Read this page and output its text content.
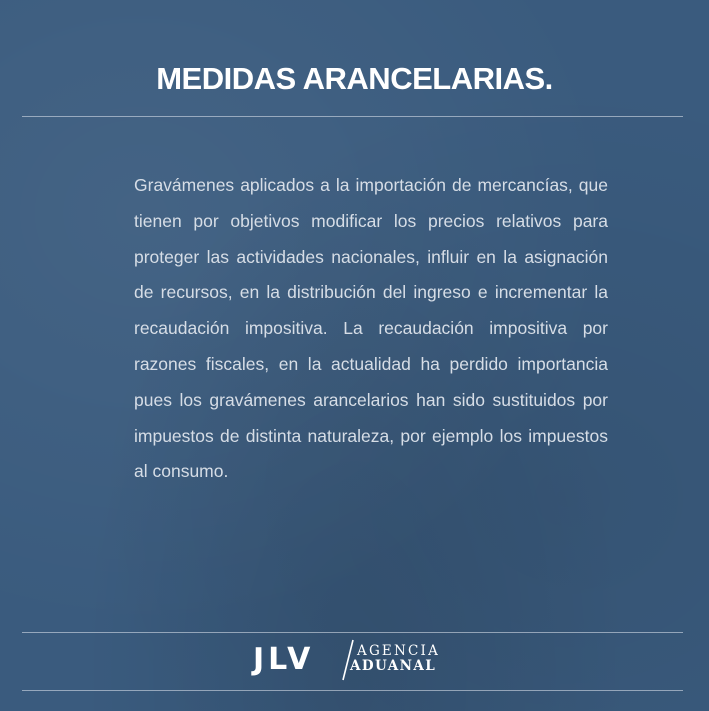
MEDIDAS ARANCELARIAS.

Gravámenes aplicados a la importación de mercancías, que tienen por objetivos modificar los precios relativos para proteger las actividades nacionales, influir en la asignación de recursos, en la distribución del ingreso e incrementar la recaudación impositiva. La recaudación impositiva por razones fiscales, en la actualidad ha perdido importancia pues los gravámenes arancelarios han sido sustituidos por impuestos de distinta naturaleza, por ejemplo los impuestos al consumo.

JLV	AGENCIA
ADUANAL
